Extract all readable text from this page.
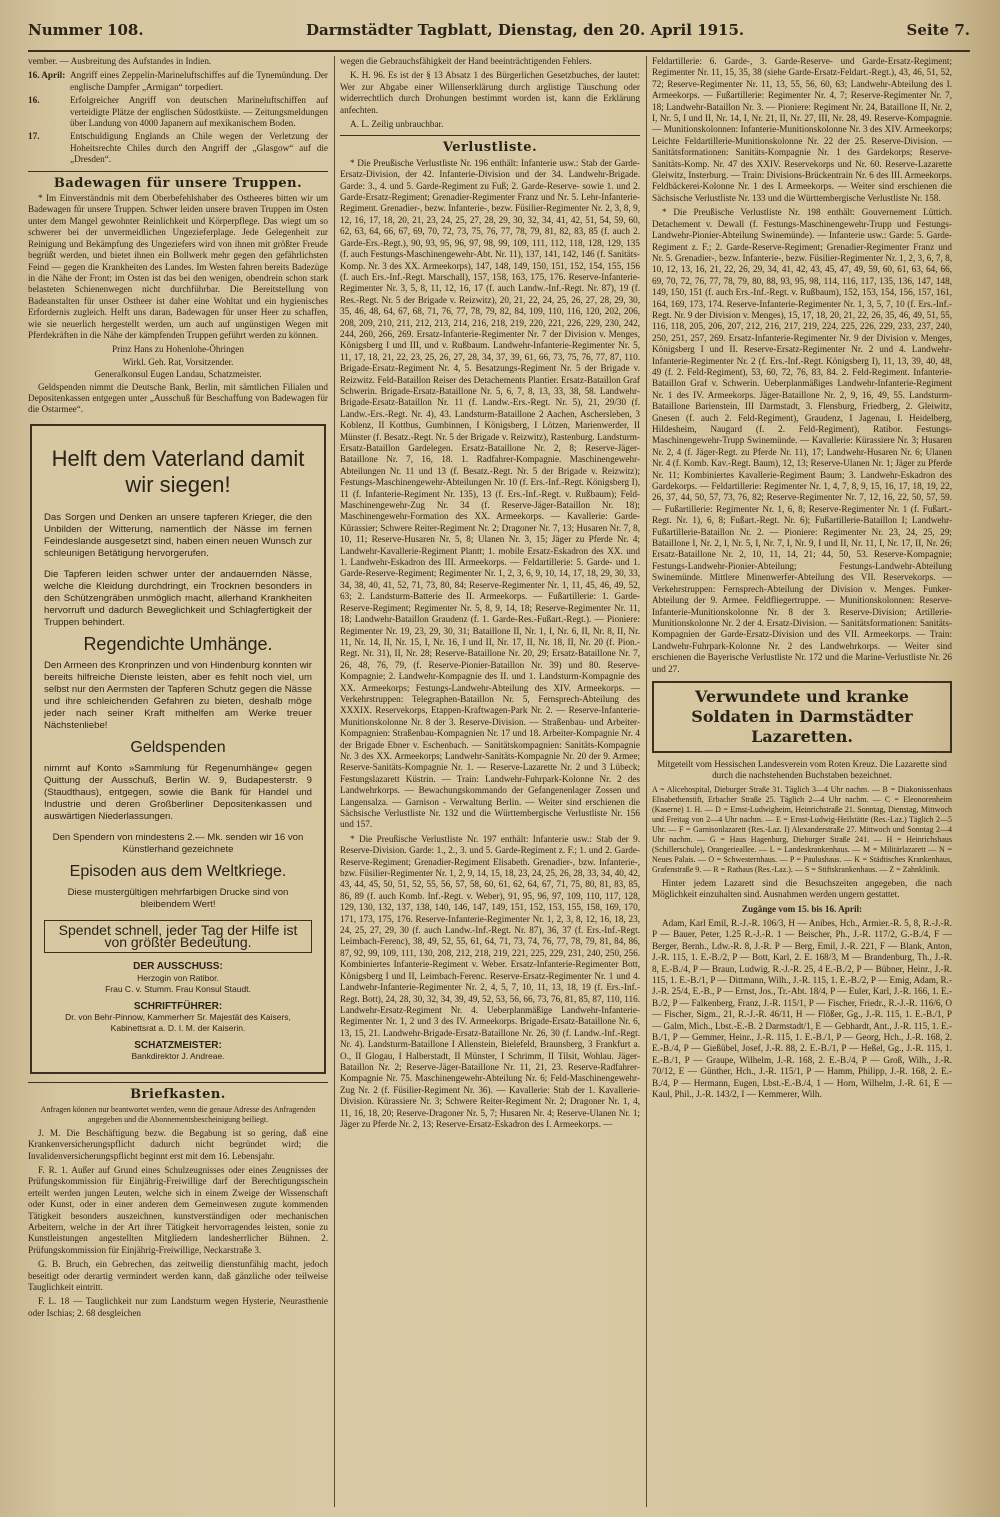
Nummer 108.	Darmstädter Tagblatt, Dienstag, den 20. April 1915.	Seite 7.

vember. — Ausbreitung des Aufstandes in Indien.

16. April: Angriff eines Zeppelin-Marineluftschiffes auf die Tynemündung. Der englische Dampfer „Armigan“ torpediert.
16.	Erfolgreicher Angriff von deutschen Marineluftschiffen auf verteidigte Plätze der englischen Südostküste. — Zeitungsmeldungen über Landung von 4000 Japanern auf mexikanischem Boden.
17.	Entschuldigung Englands an Chile wegen der Verletzung der Hoheitsrechte Chiles durch den Angriff der „Glasgow“ auf die „Dresden“.
Badewagen für unsere Truppen.

* Im Einverständnis mit dem Oberbefehlshaber des Ostheeres bitten wir um Badewagen für unsere Truppen. Schwer leiden unsere braven Truppen im Osten unter dem Mangel gewohnter Reinlichkeit und Körperpflege. Das wiegt um so schwerer bei der unvermeidlichen Ungezieferplage. Jede Gelegenheit zur Reinigung und Bekämpfung des Ungeziefers wird von ihnen mit größter Freude begrüßt werden, und bietet ihnen ein Bollwerk mehr gegen den gefährlichsten Feind — gegen die Krankheiten des Landes. Im Westen fahren bereits Badezüge in die Nähe der Front; im Osten ist das bei den wenigen, obendrein schon stark belasteten Schienenwegen nicht durchführbar. Die Bereitstellung von Badeanstalten für unser Ostheer ist daher eine Wohltat und ein hygienisches Erfordernis zugleich. Helft uns daran, Badewagen für unser Heer zu schaffen, wie sie neuerlich hergestellt werden, um auch auf ungünstigen Wegen mit Pferdekräften in die Nähe der kämpfenden Truppen geführt werden zu können.

Prinz Hans zu Hohenlohe-Öhringen
Wirkl. Geh. Rat, Vorsitzender.
Generalkonsul Eugen Landau, Schatzmeister.

Geldspenden nimmt die Deutsche Bank, Berlin, mit sämtlichen Filialen und Depositenkassen entgegen unter „Ausschuß für Beschaffung von Badewagen für die Ostarmee“.

Helft dem Vaterland damit wir siegen!

Das Sorgen und Denken an unsere tapferen Krieger, die den Unbilden der Witterung, namentlich der Nässe im fernen Feindeslande ausgesetzt sind, haben einen neuen Wunsch zur schleunigen Betätigung hervorgerufen.

Die Tapferen leiden schwer unter der andauernden Nässe, welche die Kleidung durchdringt, ein Trocknen besonders in den Schützengräben unmöglich macht, allerhand Krankheiten hervorruft und dadurch Beweglichkeit und Schlagfertigkeit der Truppen behindert.

Regendichte Umhänge.

Den Armeen des Kronprinzen und von Hindenburg konnten wir bereits hilfreiche Dienste leisten, aber es fehlt noch viel, um selbst nur den Aermsten der Tapferen Schutz gegen die Nässe und ihre schleichenden Gefahren zu bieten, deshalb möge jeder nach seiner Kraft mithelfen am Werke treuer Nächstenliebe!

Geldspenden

nimmt auf Konto »Sammlung für Regenumhänge« gegen Quittung der Ausschuß, Berlin W. 9, Budapesterstr. 9 (Staudthaus), entgegen, sowie die Bank für Handel und Industrie und deren Großberliner Depositenkassen und auswärtigen Niederlassungen.

Den Spendern von mindestens 2.— Mk. senden wir 16 von Künstlerhand gezeichnete

Episoden aus dem Weltkriege.

Diese mustergültigen mehrfarbigen Drucke sind von bleibendem Wert!

Spendet schnell, jeder Tag der Hilfe ist von größter Bedeutung.
DER AUSSCHUSS:
Herzogin von Ratibor.
Frau C. v. Stumm. Frau Konsul Staudt.
SCHRIFTFÜHRER:
Dr. von Behr-Pinnow, Kammerherr Sr. Majestät des Kaisers, Kabinettsrat a. D. I. M. der Kaiserin.
SCHATZMEISTER:
Bankdirektor J. Andreae.
Briefkasten.

Anfragen können nur beantwortet werden, wenn die genaue Adresse des Anfragenden angegeben und die Abonnementsbescheinigung beiliegt.

J. M. Die Beschäftigung bezw. die Begabung ist so gering, daß eine Krankenversicherungspflicht dadurch nicht begründet wird; die Invalidenversicherungspflicht beginnt erst mit dem 16. Lebensjahr.

F. R. 1. Außer auf Grund eines Schulzeugnisses oder eines Zeugnisses der Prüfungskommission für Einjährig-Freiwillige darf der Berechtigungsschein erteilt werden jungen Leuten, welche sich in einem Zweige der Wissenschaft oder Kunst, oder in einer anderen dem Gemeinwesen zugute kommenden Tätigkeit besonders auszeichnen, kunstverständigen oder mechanischen Arbeitern, welche in der Art ihrer Tätigkeit hervorragendes leisten, sonie zu Kunstleistungen angestellten Mitgliedern landesherrlicher Bühnen. 2. Prüfungskommission für Einjährig-Freiwillige, Neckarstraße 3.

G. B. Bruch, ein Gebrechen, das zeitweilig dienstunfähig macht, jedoch beseitigt oder derartig vermindert werden kann, daß gänzliche oder teilweise Tauglichkeit eintritt.

F. L. 18 — Tauglichkeit nur zum Landsturm wegen Hysterie, Neurasthenie oder Ischias; 2. 68 desgleichen

wegen die Gebrauchsfähigkeit der Hand beeinträchtigenden Fehlers.

K. H. 96. Es ist der § 13 Absatz 1 des Bürgerlichen Gesetzbuches, der lautet: Wer zur Abgabe einer Willenserklärung durch arglistige Täuschung oder widerrechtlich durch Drohungen bestimmt worden ist, kann die Erklärung anfechten.

A. L. Zeilig unbrauchbar.

Verlustliste.

* Die Preußische Verlustliste Nr. 196 enthält: Infanterie usw.: Stab der Garde-Ersatz-Division, der 42. Infanterie-Division und der 34. Landwehr-Brigade. Garde: 3., 4. und 5. Garde-Regiment zu Fuß; 2. Garde-Reserve- sowie 1. und 2. Garde-Ersatz-Regiment; Grenadier-Regimenter Franz und Nr. 5. Lehr-Infanterie-Regiment. Grenadier-, bezw. Infanterie-, bezw. Füsilier-Regimenter Nr. 2, 3, 8, 9, 12, 16, 17, 18, 20, 21, 23, 24, 25, 27, 28, 29, 30, 32, 34, 41, 42, 51, 54, 59, 60, 62, 63, 64, 66, 67, 69, 70, 72, 73, 75, 76, 77, 78, 79, 81, 82, 83, 85 (f. auch 2. Garde-Ers.-Regt.), 90, 93, 95, 96, 97, 98, 99, 109, 111, 112, 118, 128, 129, 135 (f. auch Festungs-Maschinengewehr-Abt. Nr. 11), 137, 141, 142, 146 (f. Sanitäts-Komp. Nr. 3 des XX. Armeekorps), 147, 148, 149, 150, 151, 152, 154, 155, 156 (f. auch Ers.-Inf.-Regt. Marschall), 157, 158, 163, 175, 176. Reserve-Infanterie-Regimenter Nr. 3, 5, 8, 11, 12, 16, 17 (f. auch Landw.-Inf.-Regt. Nr. 87), 19 (f. Res.-Regt. Nr. 5 der Brigade v. Reizwitz), 20, 21, 22, 24, 25, 26, 27, 28, 29, 30, 35, 46, 48, 64, 67, 68, 71, 76, 77, 78, 79, 82, 84, 109, 110, 116, 120, 202, 206, 208, 209, 210, 211, 212, 213, 214, 216, 218, 219, 220, 221, 226, 229, 230, 242, 244, 260, 266, 269. Ersatz-Infanterie-Regimenter Nr. 7 der Division v. Menges, Königsberg I und III, und v. Rußbaum. Landwehr-Infanterie-Regimenter Nr. 5, 11, 17, 18, 21, 22, 23, 25, 26, 27, 28, 34, 37, 39, 61, 66, 73, 75, 76, 77, 87, 110. Brigade-Ersatz-Regiment Nr. 4, 5. Besatzungs-Regiment Nr. 5 der Brigade v. Reizwitz. Feld-Bataillon Reiser des Detachements Plantier. Ersatz-Bataillon Graf Schwerin. Brigade-Ersatz-Bataillone Nr. 5, 6, 7, 8, 13, 33, 38, 58. Landwehr-Brigade-Ersatz-Bataillon Nr. 11 (f. Landw.-Ers.-Regt. Nr. 5), 21, 29/30 (f. Landw.-Ers.-Regt. Nr. 4), 43. Landsturm-Bataillone 2 Aachen, Aschersleben, 3 Koblenz, II Kottbus, Gumbinnen, I Königsberg, I Lötzen, Marienwerder, II Münster (f. Besatz.-Regt. Nr. 5 der Brigade v. Reizwitz), Rastenburg. Landsturm-Ersatz-Bataillon Gardelegen. Ersatz-Bataillone Nr. 2, 8; Reserve-Jäger-Bataillone Nr. 7, 16, 18. 1. Radfahrer-Kompagnie. Maschinengewehr-Abteilungen Nr. 11 und 13 (f. Besatz.-Regt. Nr. 5 der Brigade v. Reizwitz); Festungs-Maschinengewehr-Abteilungen Nr. 10 (f. Ers.-Inf.-Regt. Königsberg I), 11 (f. Infanterie-Regiment Nr. 135), 13 (f. Ers.-Inf.-Regt. v. Rußbaum); Feld-Maschinengewehr-Zug Nr. 34 (f. Reserve-Jäger-Bataillon Nr. 18); Maschinengewehr-Formation des XX. Armeekorps. — Kavallerie: Garde-Kürassier; Schwere Reiter-Regiment Nr. 2; Dragoner Nr. 7, 13; Husaren Nr. 7, 8, 10, 11; Reserve-Husaren Nr. 5, 8; Ulanen Nr. 3, 15; Jäger zu Pferde Nr. 4; Landwehr-Kavallerie-Regiment Plantt; 1. mobile Ersatz-Eskadron des XX. und 1. Landwehr-Eskadron des III. Armeekorps. — Feldartillerie: 5. Garde- und 1. Garde-Reserve-Regiment; Regimenter Nr. 1, 2, 3, 6, 9, 10, 14, 17, 18, 29, 30, 33, 34, 38, 40, 41, 52, 71, 73, 80, 84; Reserve-Regimenter Nr. 1, 11, 45, 46, 49, 52, 63; 2. Landsturm-Batterie des II. Armeekorps. — Fußartillerie: 1. Garde-Reserve-Regiment; Regimenter Nr. 5, 8, 9, 14, 18; Reserve-Regimenter Nr. 11, 18; Landwehr-Bataillon Graudenz (f. 1. Garde-Res.-Fußart.-Regt.). — Pioniere: Regimenter Nr. 19, 23, 29, 30, 31; Bataillone II, Nr. 1, I, Nr. 6, II, Nr. 8, II, Nr. 11, Nr. 14, II, Nr. 15, I, Nr. 16, I und II, Nr. 17, II, Nr. 18, II, Nr. 20 (f. Pion.-Regt. Nr. 31), II, Nr. 28; Reserve-Bataillone Nr. 20, 29; Ersatz-Bataillone Nr. 7, 26, 48, 76, 79, (f. Reserve-Pionier-Bataillon Nr. 39) und 80. Reserve-Kompagnie; 2. Landwehr-Kompagnie des II. und 1. Landsturm-Kompagnie des XX. Armeekorps; Festungs-Landwehr-Abteilung des XIV. Armeekorps. — Verkehrstruppen: Telegraphen-Bataillon Nr. 5, Fernsprech-Abteilung des XXXIX. Reservekorps, Etappen-Kraftwagen-Park Nr. 2. — Reserve-Infanterie-Munitionskolonne Nr. 8 der 3. Reserve-Division. — Straßenbau- und Arbeiter-Kompagnien: Straßenbau-Kompagnien Nr. 17 und 18. Arbeiter-Kompagnie Nr. 4 der Brigade Ebner v. Eschenbach. — Sanitätskompagnien: Sanitäts-Kompagnie Nr. 3 des XX. Armeekorps; Landwehr-Sanitäts-Kompagnie Nr. 20 der 9. Armee; Reserve-Sanitäts-Kompagnie Nr. 1. — Reserve-Lazarette Nr. 2 und 3 Lübeck; Festungslazarett Küstrin. — Train: Landwehr-Fuhrpark-Kolonne Nr. 2 des Landwehrkorps. — Bewachungskommando der Gefangenenlager Zossen und Langensalza. — Garnison - Verwaltung Berlin. — Weiter sind erschienen die Sächsische Verlustliste Nr. 132 und die Württembergische Verlustliste Nr. 156 und 157.

* Die Preußische Verlustliste Nr. 197 enthält: Infanterie usw.: Stab der 9. Reserve-Division. Garde: 1., 2., 3. und 5. Garde-Regiment z. F.; 1. und 2. Garde-Reserve-Regiment; Grenadier-Regiment Elisabeth. Grenadier-, bzw. Infanterie-, bzw. Füsilier-Regimenter Nr. 1, 2, 9, 14, 15, 18, 23, 24, 25, 26, 28, 33, 34, 40, 42, 43, 44, 45, 50, 51, 52, 55, 56, 57, 58, 60, 61, 62, 64, 67, 71, 75, 80, 81, 83, 85, 86, 89 (f. auch Komb. Inf.-Regt. v. Weber), 91, 95, 96, 97, 109, 110, 117, 128, 129, 130, 132, 137, 138, 140, 146, 147, 149, 151, 152, 153, 155, 158, 169, 170, 171, 173, 175, 176. Reserve-Infanterie-Regimenter Nr. 1, 2, 3, 8, 12, 16, 18, 23, 24, 25, 27, 29, 30 (f. auch Landw.-Inf.-Regt. Nr. 87), 36, 37 (f. Ers.-Inf.-Regt. Leimbach-Ferenc), 38, 49, 52, 55, 61, 64, 71, 73, 74, 76, 77, 78, 79, 81, 84, 86, 87, 92, 99, 109, 111, 130, 208, 212, 218, 219, 221, 225, 229, 231, 240, 250, 256. Kombiniertes Infanterie-Regiment v. Weber. Ersatz-Infanterie-Regimenter Bott, Königsberg I und II, Leimbach-Ferenc. Reserve-Ersatz-Regimenter Nr. 1 und 4. Landwehr-Infanterie-Regimenter Nr. 2, 4, 5, 7, 10, 11, 13, 18, 19 (f. Ers.-Inf.-Regt. Bott), 24, 28, 30, 32, 34, 39, 49, 52, 53, 56, 66, 73, 76, 81, 85, 87, 110, 116. Landwehr-Ersatz-Regiment Nr. 4. Ueberplanmäßige Landwehr-Infanterie-Regimenter Nr. 1, 2 und 3 des IV. Armeekorps. Brigade-Ersatz-Bataillone Nr. 6, 13, 15, 21. Landwehr-Brigade-Ersatz-Bataillone Nr. 26, 30 (f. Landw.-Inf.-Regt. Nr. 4). Landsturm-Bataillone I Allenstein, Bielefeld, Braunsberg, 3 Frankfurt a. O., II Glogau, I Halberstadt, II Münster, I Schrimm, II Tilsit, Wohlau. Jäger-Bataillon Nr. 2; Reserve-Jäger-Bataillone Nr. 11, 21, 23. Reserve-Radfahrer-Kompagnie Nr. 75. Maschinengewehr-Abteilung Nr. 6; Feld-Maschinengewehr-Zug Nr. 2 (f. Füsilier-Regiment Nr. 36). — Kavallerie: Stab der 1. Kavallerie-Division. Kürassiere Nr. 3; Schwere Reiter-Regiment Nr. 2; Dragoner Nr. 1, 4, 11, 16, 18, 20; Reserve-Dragoner Nr. 5, 7; Husaren Nr. 4; Reserve-Ulanen Nr. 1; Jäger zu Pferde Nr. 2, 13; Reserve-Ersatz-Eskadron des I. Armeekorps. —

Feldartillerie: 6. Garde-, 3. Garde-Reserve- und Garde-Ersatz-Regiment; Regimenter Nr. 11, 15, 35, 38 (siehe Garde-Ersatz-Feldart.-Regt.), 43, 46, 51, 52, 72; Reserve-Regimenter Nr. 11, 13, 55, 56, 60, 63; Landwehr-Abteilung des I. Armeekorps. — Fußartillerie: Regimenter Nr. 4, 7; Reserve-Regimenter Nr. 7, 18; Landwehr-Bataillon Nr. 3. — Pioniere: Regiment Nr. 24, Bataillone II, Nr. 2, I, Nr. 5, I und II, Nr. 14, I, Nr. 21, II, Nr. 27, III, Nr. 28, 49. Reserve-Kompagnie. — Munitionskolonnen: Infanterie-Munitionskolonne Nr. 3 des XIV. Armeekorps; Leichte Feldartillerie-Munitionskolonne Nr. 22 der 25. Reserve-Division. — Sanitätsformationen: Sanitäts-Kompagnie Nr. 1 des Gardekorps; Reserve-Sanitäts-Komp. Nr. 47 des XXIV. Reservekorps und Nr. 60. Reserve-Lazarette Gleiwitz, Insterburg. — Train: Divisions-Brückentrain Nr. 6 des III. Armeekorps. Feldbäckerei-Kolonne Nr. 1 des I. Armeekorps. — Weiter sind erschienen die Sächsische Verlustliste Nr. 133 und die Württembergische Verlustliste Nr. 158.

* Die Preußische Verlustliste Nr. 198 enthält: Gouvernement Lüttich. Detachement v. Dewall (f. Festungs-Maschinengewehr-Trupp und Festungs-Landwehr-Pionier-Abteilung Swinemünde). — Infanterie usw.: Garde: 5. Garde-Regiment z. F.; 2. Garde-Reserve-Regiment; Grenadier-Regimenter Franz und Nr. 5. Grenadier-, bezw. Infanterie-, bezw. Füsilier-Regimenter Nr. 1, 2, 3, 6, 7, 8, 10, 12, 13, 16, 21, 22, 26, 29, 34, 41, 42, 43, 45, 47, 49, 59, 60, 61, 63, 64, 66, 69, 70, 72, 76, 77, 78, 79, 80, 88, 93, 95, 98, 114, 116, 117, 135, 136, 147, 148, 149, 150, 151 (f. auch Ers.-Inf.-Regt. v. Rußbaum), 152, 153, 154, 156, 157, 161, 164, 169, 173, 174. Reserve-Infanterie-Regimenter Nr. 1, 3, 5, 7, 10 (f. Ers.-Inf.-Regt. Nr. 9 der Division v. Menges), 15, 17, 18, 20, 21, 22, 26, 35, 46, 49, 51, 55, 116, 118, 205, 206, 207, 212, 216, 217, 219, 224, 225, 226, 229, 233, 237, 240, 250, 251, 257, 269. Ersatz-Infanterie-Regimenter Nr. 9 der Division v. Menges, Königsberg I und II. Reserve-Ersatz-Regimenter Nr. 2 und 4. Landwehr-Infanterie-Regimenter Nr. 2 (f. Ers.-Inf.-Regt. Königsberg I), 11, 13, 39, 40, 48, 49 (f. 2. Feld-Regiment), 53, 60, 72, 76, 83, 84. 2. Feld-Regiment. Infanterie-Bataillon Graf v. Schwerin. Ueberplanmäßiges Landwehr-Infanterie-Regiment Nr. 1 des IV. Armeekorps. Jäger-Bataillone Nr. 2, 9, 16, 49, 55. Landsturm-Bataillone Barienstein, III Darmstadt, 3. Flensburg, Friedberg, 2. Gleiwitz, Gnesen (f. auch 2. Feld-Regiment), Graudenz, I Jagenau, I. Heidelberg, Hildesheim, Naugard (f. 2. Feld-Regiment), Ratibor. Festungs-Maschinengewehr-Trupp Swinemünde. — Kavallerie: Kürassiere Nr. 3; Husaren Nr. 2, 4 (f. Jäger-Regt. zu Pferde Nr. 11), 17; Landwehr-Husaren Nr. 6; Ulanen Nr. 4 (f. Komb. Kav.-Regt. Baum), 12, 13; Reserve-Ulanen Nr. 1; Jäger zu Pferde Nr. 11; Kombiniertes Kavallerie-Regiment Baum; 3. Landwehr-Eskadron des Gardekorps. — Feldartillerie: Regimenter Nr. 1, 4, 7, 8, 9, 15, 16, 17, 18, 19, 22, 26, 37, 44, 50, 57, 73, 76, 82; Reserve-Regimenter Nr. 7, 12, 16, 22, 50, 57, 59. — Fußartillerie: Regimenter Nr. 1, 6, 8; Reserve-Regimenter Nr. 1 (f. Fußart.-Regt. Nr. 1), 6, 8; Fußart.-Regt. Nr. 6); Fußartillerie-Bataillon I; Landwehr-Fußartillerie-Bataillon Nr. 2. — Pioniere: Regimenter Nr. 23, 24, 25, 29; Bataillone I, Nr. 2, I, Nr. 5, I, Nr. 7, I, Nr. 9, I und II, Nr. 11, I, Nr. 17, II, Nr. 26; Ersatz-Bataillone Nr. 2, 10, 11, 14, 21; 44, 50, 53. Reserve-Kompagnie; Festungs-Landwehr-Pionier-Abteilung; Festungs-Landwehr-Abteilung Swinemünde. Mittlere Minenwerfer-Abteilung des VII. Reservekorps. — Verkehrstruppen: Fernsprech-Abteilung der Division v. Menges. Funker-Abteilung der 9. Armee. Feldfliegertruppe. — Munitionskolonnen: Reserve-Infanterie-Munitionskolonne Nr. 8 der 3. Reserve-Division; Artillerie-Munitionskolonne Nr. 2 der 4. Ersatz-Division. — Sanitätsformationen: Sanitäts-Kompagnien der Garde-Ersatz-Division und des VII. Armeekorps. — Train: Landwehr-Fuhrpark-Kolonne Nr. 2 des Landwehrkorps. — Weiter sind erschienen die Bayerische Verlustliste Nr. 172 und die Marine-Verlustliste Nr. 26 und 27.

Verwundete und kranke Soldaten in Darmstädter Lazaretten.

Mitgeteilt vom Hessischen Landesverein vom Roten Kreuz. Die Lazarette sind durch die nachstehenden Buchstaben bezeichnet.

A = Alicehospital, Dieburger Straße 31. Täglich 3—4 Uhr nachm. — B = Diakonissenhaus Elisabethenstift, Erbacher Straße 25. Täglich 2—4 Uhr nachm. — C = Eleonorenheim (Kaserne) 1. H. — D = Ernst-Ludwigheim, Heinrichstraße 21. Sonntag, Dienstag, Mittwoch und Freitag von 2—4 Uhr nachm. — E = Ernst-Ludwig-Heilstätte (Res.-Laz.) Täglich 2—5 Uhr. — F = Garnisonlazarett (Res.-Laz. I) Alexanderstraße 27. Mittwoch und Sonntag 2—4 Uhr nachm. — G = Haus Hagenburg, Dieburger Straße 241. — H = Heinrichshaus (Schillerschule), Orangerieallee. — L = Landeskrankenhaus. — M = Militärlazarett — N = Neues Palais. — O = Schwesternhaus. — P = Paulushaus. — K = Städtisches Krankenhaus, Grafenstraße 9. — R = Rathaus (Res.-Laz.). — S = Stiftskrankenhaus. — Z = Zahnklinik.

Hinter jedem Lazarett sind die Besuchszeiten angegeben, die nach Möglichkeit einzuhalten sind. Ausnahmen werden ungern gestattet.

Zugänge vom 15. bis 16. April:

Adam, Karl Emil, R.-J.-R. 106/3, H — Anibes, Hch., Armier.-R. 5, 8, R.-J.-R. P — Bauer, Peter, 1.25 R.-J.-R. 1 — Beischer, Ph., J.-R. 117/2, G.-B./4, F — Berger, Bernh., Ldw.-R. 8, J.-R. P — Berg, Emil, J.-R. 221, F — Blank, Anton, J.-R. 115, 1. E.-B./2, P — Bott, Karl, 2. E. 168/3, M — Brandenburg, Th., J.-R. 8, E.-B./4, P — Braun, Ludwig, R.-J.-R. 25, 4 E.-B./2, P — Bübner, Heinr., J.-R. 115, 1. E.-B./1, P — Dittmann, Wilh., J.-R. 115, 1. E.-B./2, P — Emig, Adam, R.-J.-R. 25/4, E.-B., P — Ernst, Jos., Tr.-Abt. 18/4, P — Euler, Karl, J.-R. 166, 1. E.-B./2, P — Falkenberg, Franz, J.-R. 115/1, P — Fischer, Friedr., R.-J.-R. 116/6, O — Fischer, Sigm., 21, R.-J.-R. 46/11, H — Flößer, Gg., J.-R. 115, 1. E.-B./1, P — Galm, Mich., Lbst.-E.-B. 2 Darmstadt/1, E — Gebhardt, Ant., J.-R. 115, 1. E.-B./1, P — Gemmer, Heinr., J.-R. 115, 1. E.-B./1, P — Georg, Hch., J.-R. 168, 2. E.-B./4, P — Gießübel, Josef, J.-R. 88, 2. E.-B./1, P — Heßel, Gg., J.-R. 115, 1. E.-B./1, P — Graupe, Wilhelm, J.-R. 168, 2. E.-B./4, P — Groß, Wilh., J.-R. 70/12, E — Günther, Hch., J.-R. 115/1, P — Hamm, Philipp, J.-R. 168, 2. E.-B./4, P — Hermann, Eugen, Lbst.-E.-B./4, 1 — Horn, Wilhelm, J.-R. 61, E — Kaul, Phil., J.-R. 143/2, I — Kemmerer, Wilh.
